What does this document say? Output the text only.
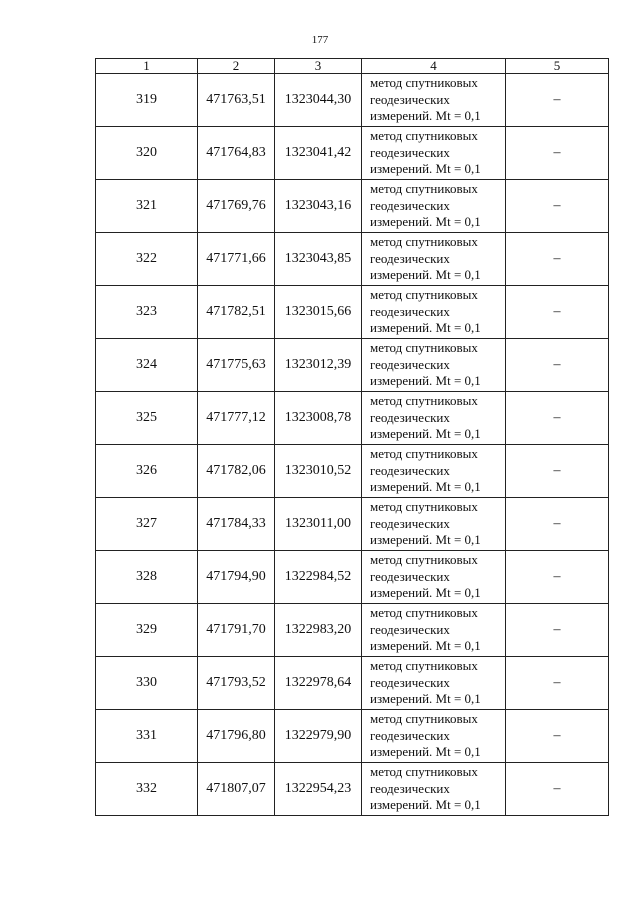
177
1	2	3	4	5
319	471763,51	1323044,30	метод спутниковых
геодезических
измерений. Mt = 0,1	–
320	471764,83	1323041,42	метод спутниковых
геодезических
измерений. Mt = 0,1	–
321	471769,76	1323043,16	метод спутниковых
геодезических
измерений. Mt = 0,1	–
322	471771,66	1323043,85	метод спутниковых
геодезических
измерений. Mt = 0,1	–
323	471782,51	1323015,66	метод спутниковых
геодезических
измерений. Mt = 0,1	–
324	471775,63	1323012,39	метод спутниковых
геодезических
измерений. Mt = 0,1	–
325	471777,12	1323008,78	метод спутниковых
геодезических
измерений. Mt = 0,1	–
326	471782,06	1323010,52	метод спутниковых
геодезических
измерений. Mt = 0,1	–
327	471784,33	1323011,00	метод спутниковых
геодезических
измерений. Mt = 0,1	–
328	471794,90	1322984,52	метод спутниковых
геодезических
измерений. Mt = 0,1	–
329	471791,70	1322983,20	метод спутниковых
геодезических
измерений. Mt = 0,1	–
330	471793,52	1322978,64	метод спутниковых
геодезических
измерений. Mt = 0,1	–
331	471796,80	1322979,90	метод спутниковых
геодезических
измерений. Mt = 0,1	–
332	471807,07	1322954,23	метод спутниковых
геодезических
измерений. Mt = 0,1	–
